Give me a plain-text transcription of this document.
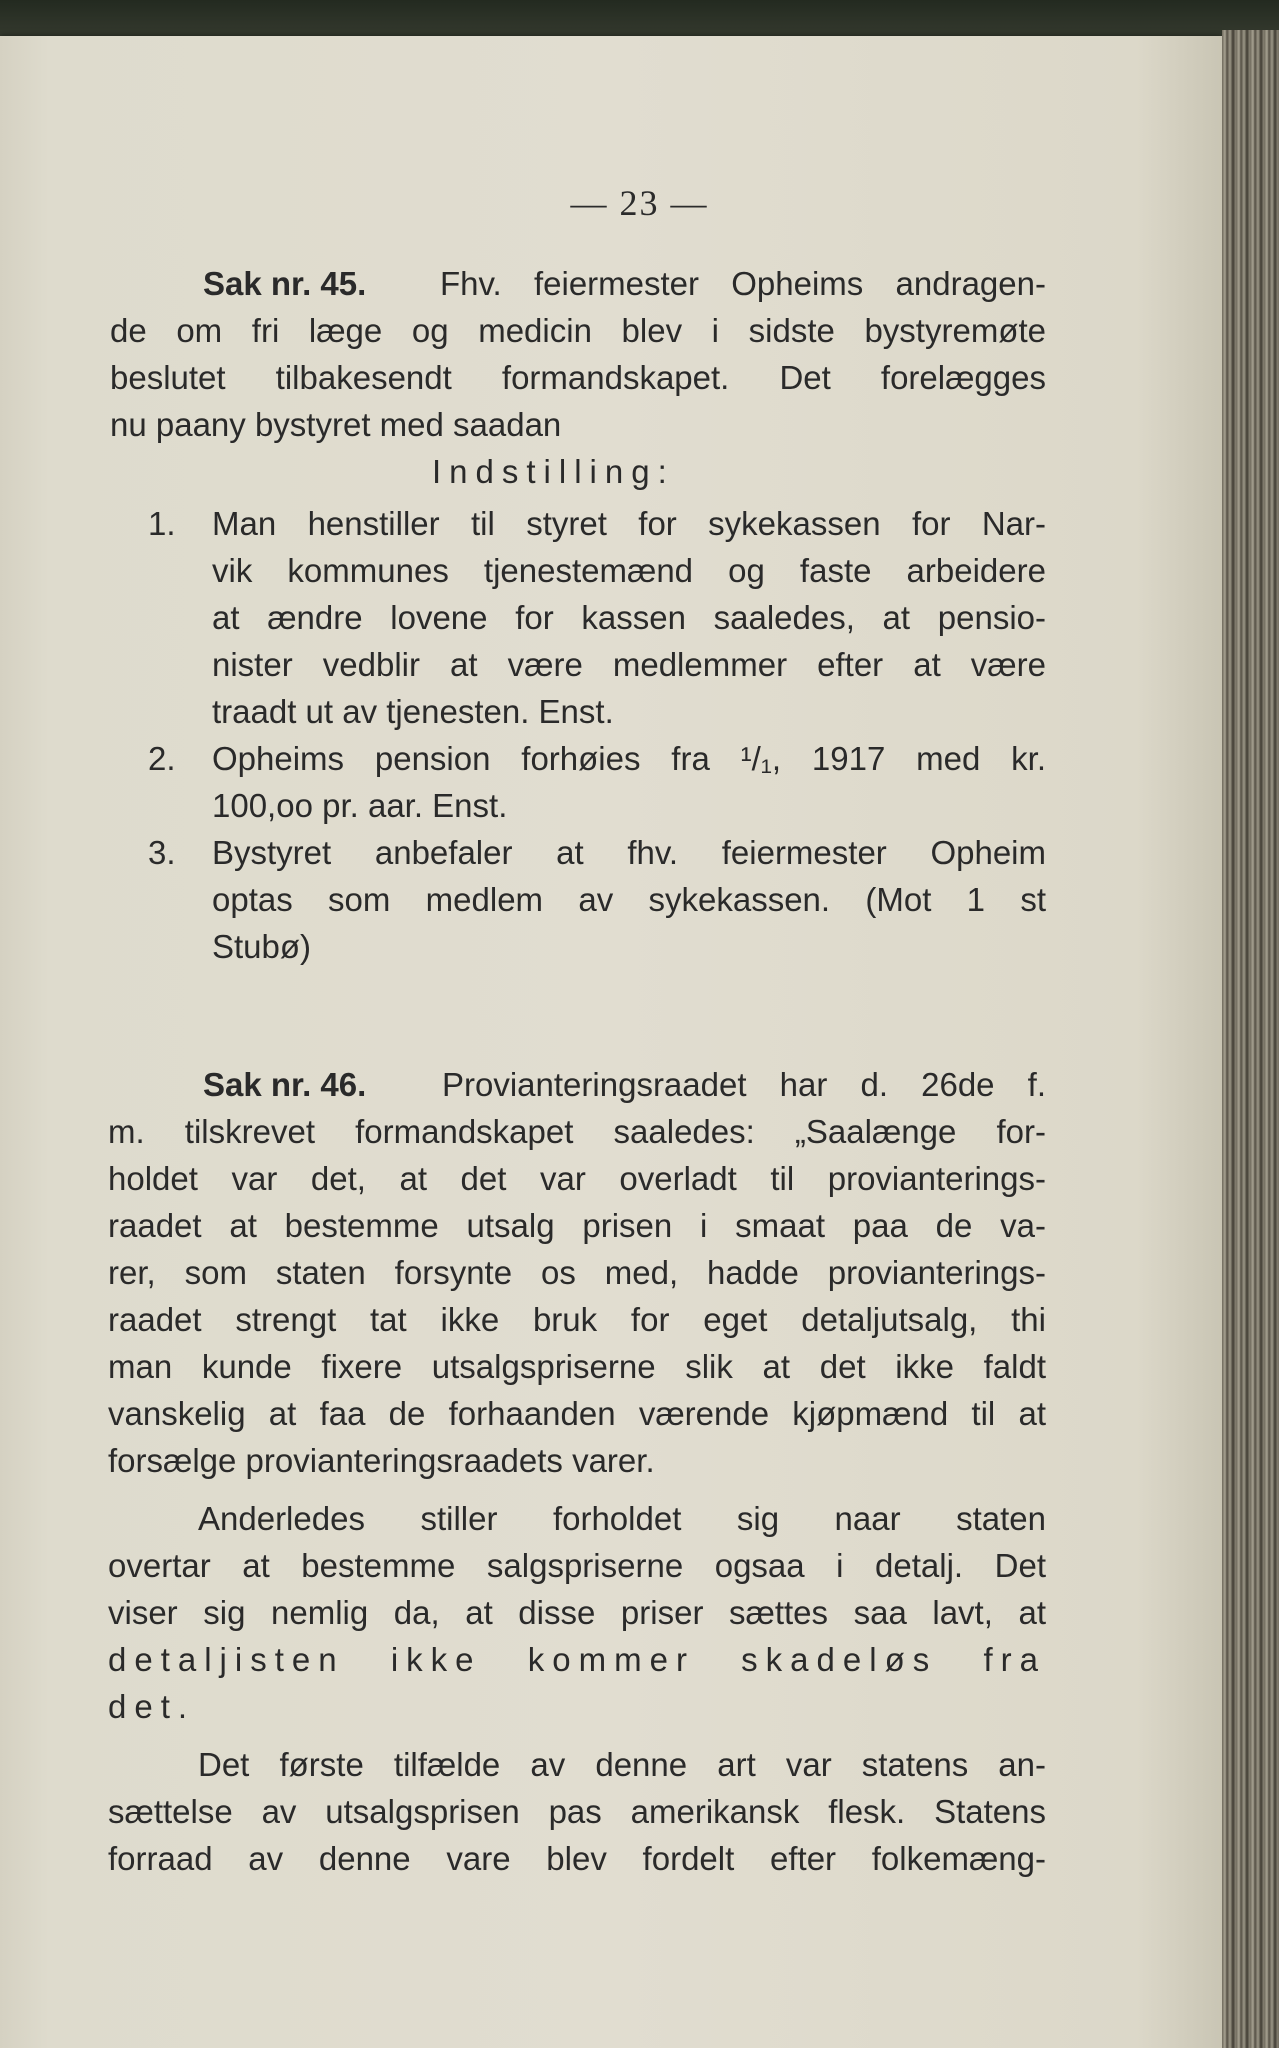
— 23 —
Sak nr. 45. Fhv. feiermester Opheims andragen-
de om fri læge og medicin blev i sidste bystyremøte
beslutet tilbakesendt formandskapet. Det forelægges
nu paany bystyret med saadan
Indstilling:
1. Man henstiller til styret for sykekassen for Nar-
vik kommunes tjenestemænd og faste arbeidere
at ændre lovene for kassen saaledes, at pensio-
nister vedblir at være medlemmer efter at være
traadt ut av tjenesten. Enst.
2. Opheims pension forhøies fra ¹/₁, 1917 med kr.
100,oo pr. aar. Enst.
3. Bystyret anbefaler at fhv. feiermester Opheim
optas som medlem av sykekassen. (Mot 1 st
Stubø)
Sak nr. 46. Provianteringsraadet har d. 26de f.
m. tilskrevet formandskapet saaledes: „Saalænge for-
holdet var det, at det var overladt til provianterings-
raadet at bestemme utsalg prisen i smaat paa de va-
rer, som staten forsynte os med, hadde provianterings-
raadet strengt tat ikke bruk for eget detaljutsalg, thi
man kunde fixere utsalgspriserne slik at det ikke faldt
vanskelig at faa de forhaanden værende kjøpmænd til at
forsælge provianteringsraadets varer.
Anderledes stiller forholdet sig naar staten
overtar at bestemme salgspriserne ogsaa i detalj. Det
viser sig nemlig da, at disse priser sættes saa lavt, at
detaljisten ikke kommer skadeløs fra
det.
Det første tilfælde av denne art var statens an-
sættelse av utsalgsprisen pas amerikansk flesk. Statens
forraad av denne vare blev fordelt efter folkemæng-
